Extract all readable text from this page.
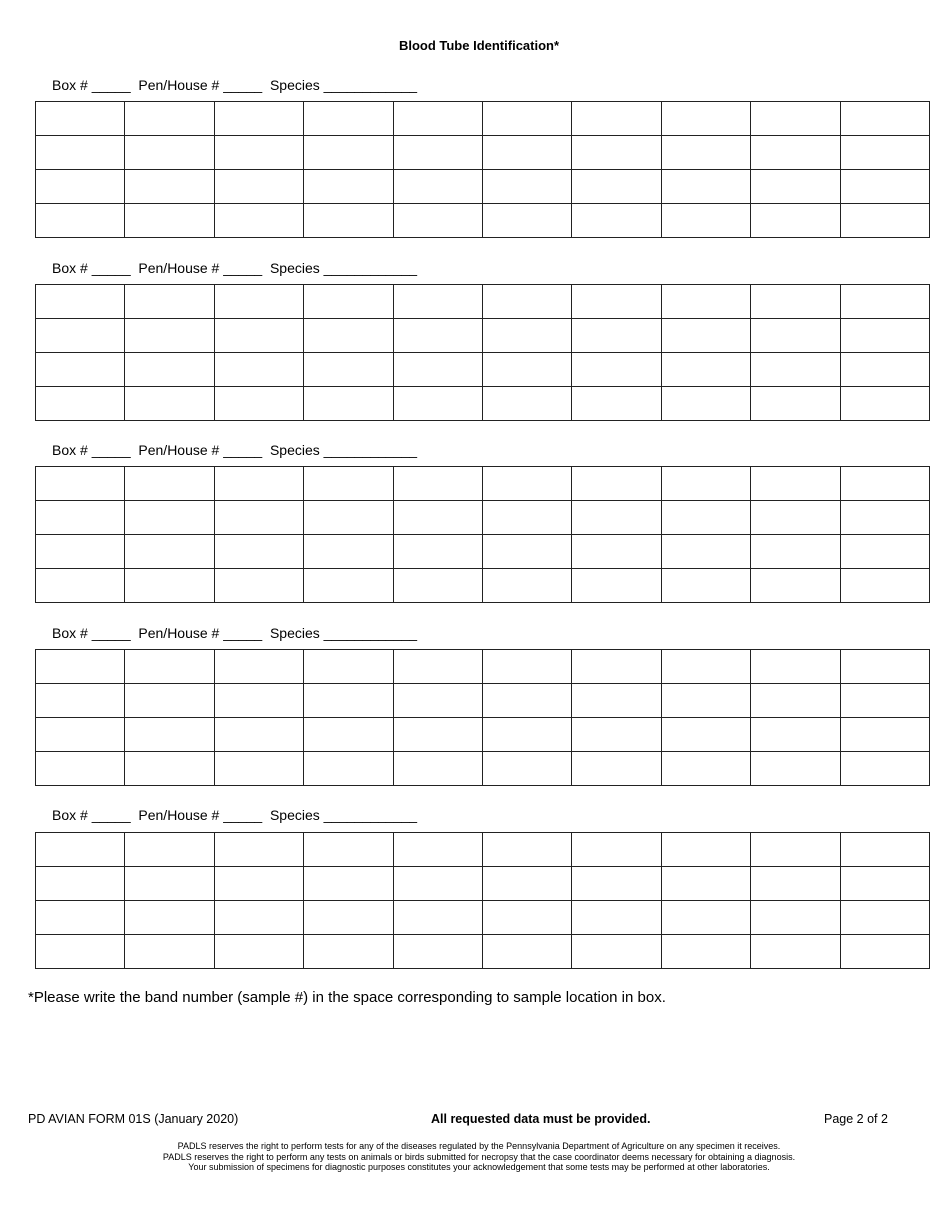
Blood Tube Identification*
Box # _____  Pen/House # _____  Species ____________

Box # _____  Pen/House # _____  Species ____________

Box # _____  Pen/House # _____  Species ____________

Box # _____  Pen/House # _____  Species ____________

Box # _____  Pen/House # _____  Species ____________

*Please write the band number (sample #) in the space corresponding to sample location in box.
PD AVIAN FORM 01S (January 2020)	All requested data must be provided.	Page 2 of 2
PADLS reserves the right to perform tests for any of the diseases regulated by the Pennsylvania Department of Agriculture on any specimen it receives.
PADLS reserves the right to perform any tests on animals or birds submitted for necropsy that the case coordinator deems necessary for obtaining a diagnosis.
Your submission of specimens for diagnostic purposes constitutes your acknowledgement that some tests may be performed at other laboratories.
